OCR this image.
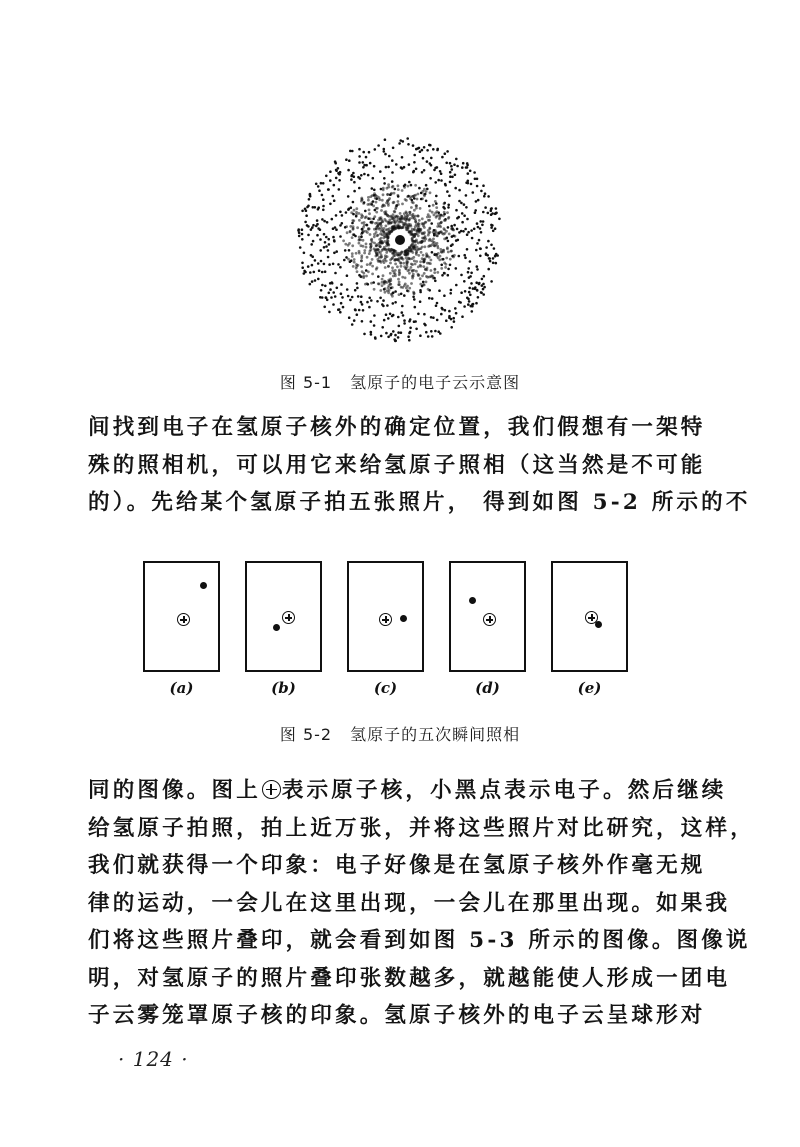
图 5-1 氢原子的电子云示意图
间找到电子在氢原子核外的确定位置，我们假想有一架特
殊的照相机，可以用它来给氢原子照相（这当然是不可能
的）。先给某个氢原子拍五张照片， 得到如图 5-2 所示的不
(a)	(b)	(c)	(d)	(e)
图 5-2 氢原子的五次瞬间照相
同的图像。图上 表示原子核，小黑点表示电子。然后继续
给氢原子拍照，拍上近万张，并将这些照片对比研究，这样，
我们就获得一个印象：电子好像是在氢原子核外作毫无规
律的运动，一会儿在这里出现，一会儿在那里出现。如果我
们将这些照片叠印，就会看到如图 5-3 所示的图像。图像说
明，对氢原子的照片叠印张数越多，就越能使人形成一团电
子云雾笼罩原子核的印象。氢原子核外的电子云呈球形对
· 124 ·
